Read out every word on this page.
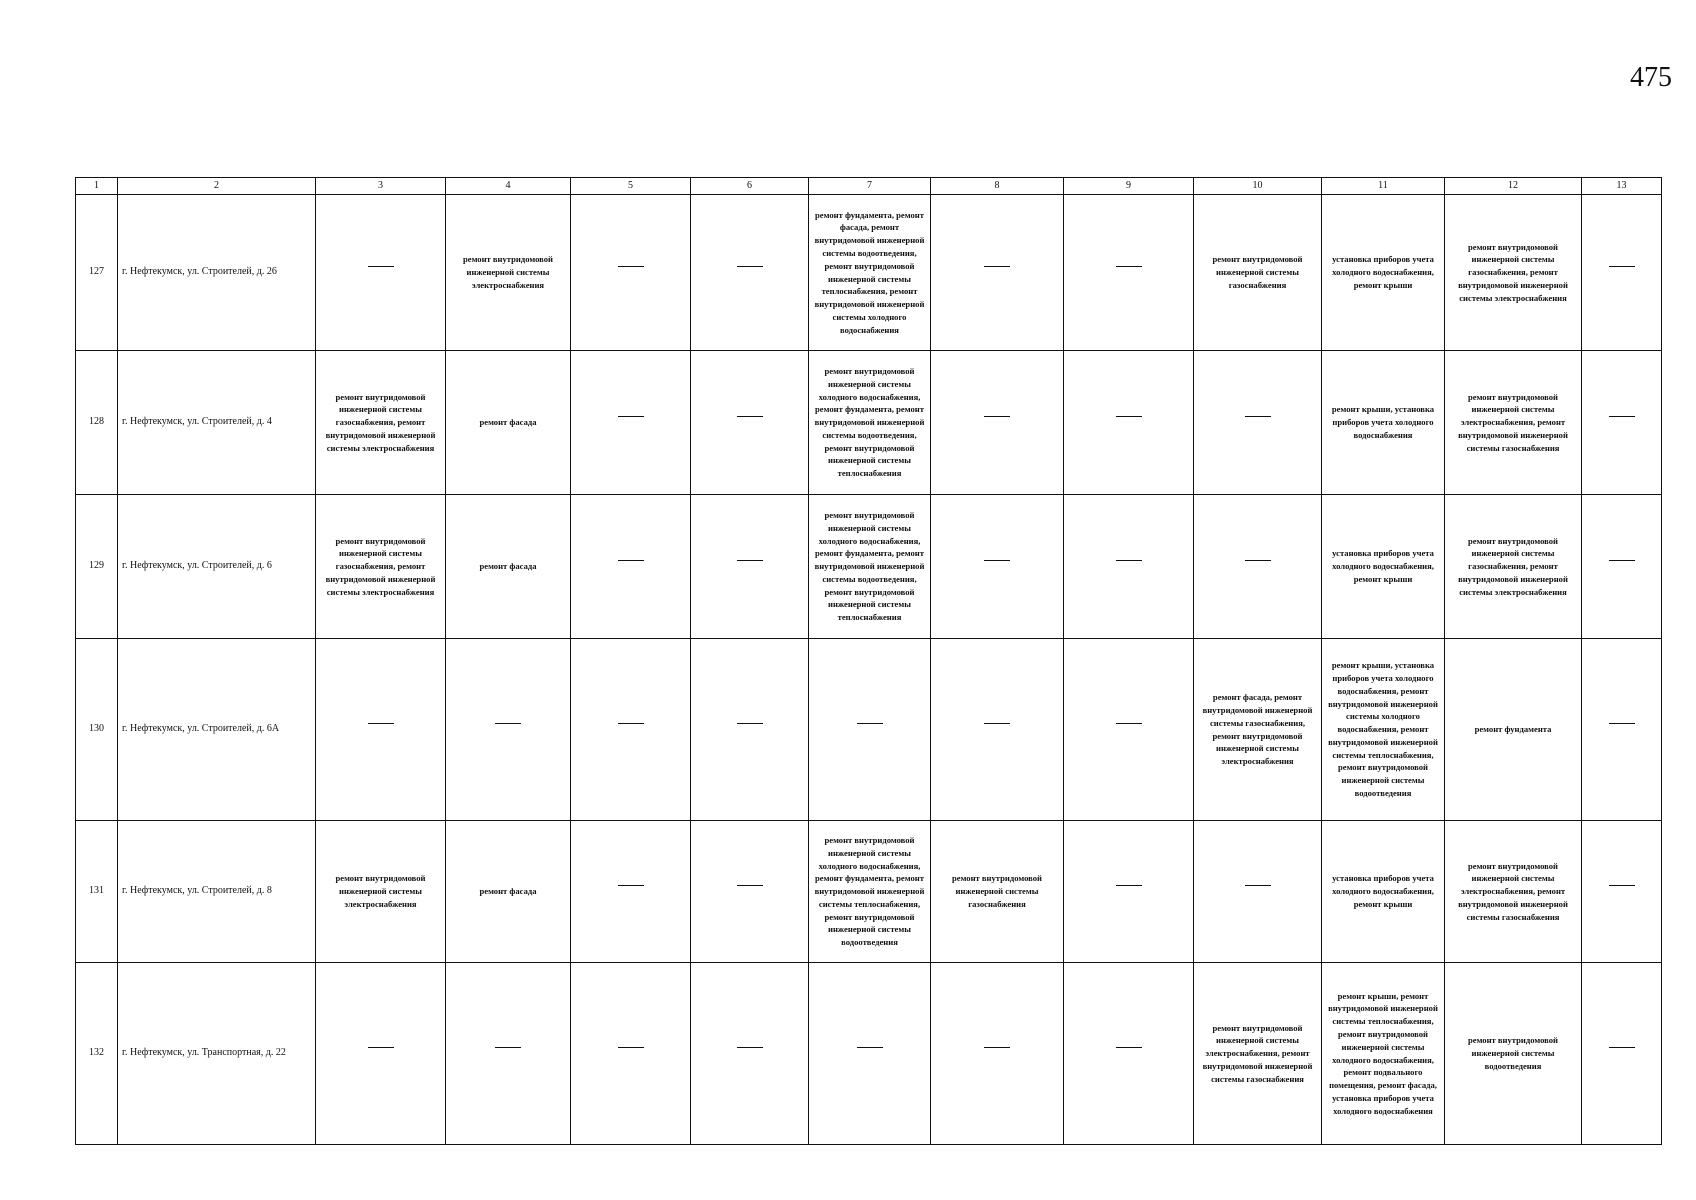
475
1	2	3	4	5	6	7	8	9	10	11	12	13
127	г. Нефтекумск, ул. Строителей, д. 26		ремонт внутридомовой инженерной системы электроснабжения			ремонт фундамента, ремонт фасада, ремонт внутридомовой инженерной системы водоотведения, ремонт внутридомовой инженерной системы теплоснабжения, ремонт внутридомовой инженерной системы холодного водоснабжения			ремонт внутридомовой инженерной системы газоснабжения	установка приборов учета холодного водоснабжения, ремонт крыши	ремонт внутридомовой инженерной системы газоснабжения, ремонт внутридомовой инженерной системы электроснабжения	
128	г. Нефтекумск, ул. Строителей, д. 4	ремонт внутридомовой инженерной системы газоснабжения, ремонт внутридомовой инженерной системы электроснабжения	ремонт фасада			ремонт внутридомовой инженерной системы холодного водоснабжения, ремонт фундамента, ремонт внутридомовой инженерной системы водоотведения, ремонт внутридомовой инженерной системы теплоснабжения				ремонт крыши, установка приборов учета холодного водоснабжения	ремонт внутридомовой инженерной системы электроснабжения, ремонт внутридомовой инженерной системы газоснабжения	
129	г. Нефтекумск, ул. Строителей, д. 6	ремонт внутридомовой инженерной системы газоснабжения, ремонт внутридомовой инженерной системы электроснабжения	ремонт фасада			ремонт внутридомовой инженерной системы холодного водоснабжения, ремонт фундамента, ремонт внутридомовой инженерной системы водоотведения, ремонт внутридомовой инженерной системы теплоснабжения				установка приборов учета холодного водоснабжения, ремонт крыши	ремонт внутридомовой инженерной системы газоснабжения, ремонт внутридомовой инженерной системы электроснабжения	
130	г. Нефтекумск, ул. Строителей, д. 6А								ремонт фасада, ремонт внутридомовой инженерной системы газоснабжения, ремонт внутридомовой инженерной системы электроснабжения	ремонт крыши, установка приборов учета холодного водоснабжения, ремонт внутридомовой инженерной системы холодного водоснабжения, ремонт внутридомовой инженерной системы теплоснабжения, ремонт внутридомовой инженерной системы водоотведения	ремонт фундамента	
131	г. Нефтекумск, ул. Строителей, д. 8	ремонт внутридомовой инженерной системы электроснабжения	ремонт фасада			ремонт внутридомовой инженерной системы холодного водоснабжения, ремонт фундамента, ремонт внутридомовой инженерной системы теплоснабжения, ремонт внутридомовой инженерной системы водоотведения	ремонт внутридомовой инженерной системы газоснабжения			установка приборов учета холодного водоснабжения, ремонт крыши	ремонт внутридомовой инженерной системы электроснабжения, ремонт внутридомовой инженерной системы газоснабжения	
132	г. Нефтекумск, ул. Транспортная, д. 22								ремонт внутридомовой инженерной системы электроснабжения, ремонт внутридомовой инженерной системы газоснабжения	ремонт крыши, ремонт внутридомовой инженерной системы теплоснабжения, ремонт внутридомовой инженерной системы холодного водоснабжения, ремонт подвального помещения, ремонт фасада, установка приборов учета холодного водоснабжения	ремонт внутридомовой инженерной системы водоотведения	
